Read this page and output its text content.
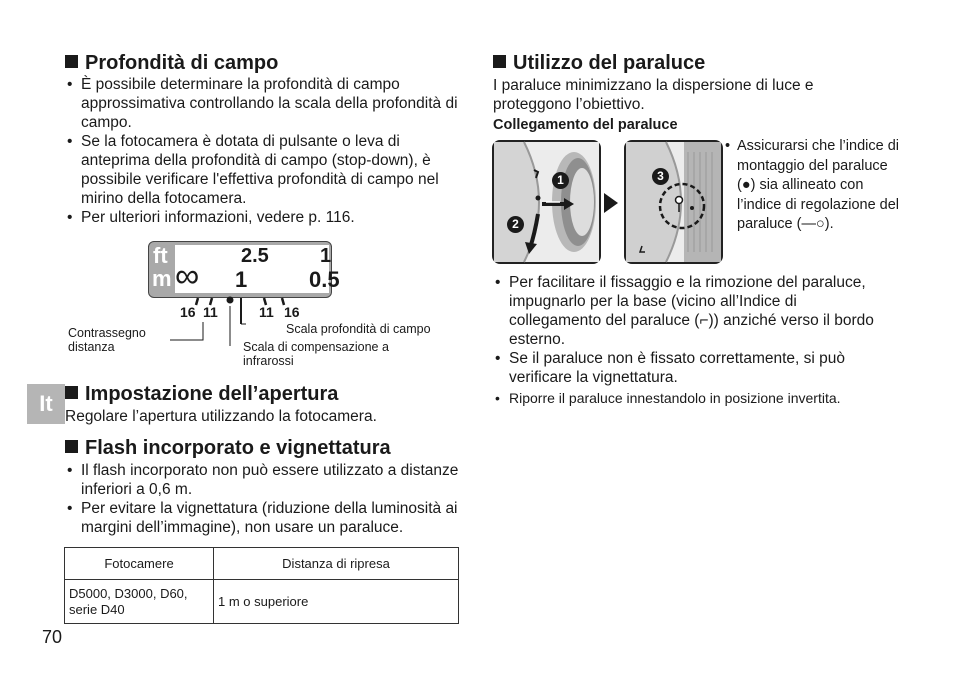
Profondità di campo
• È possibile determinare la profondità di campo approssimativa controllando la scala della profondità di campo.
• Se la fotocamera è dotata di pulsante o leva di anteprima della profondità di campo (stop-down), è possibile verificare l'effettiva profondità di campo nel mirino della fotocamera.
• Per ulteriori informazioni, vedere p. 116.
ft
m
2.5	1
∞ 1	0.5
16 11	11 16
Contrassegno distanza
Scala profondità di campo
Scala di compensazione a infrarossi
Impostazione dell’apertura
Regolare l’apertura utilizzando la fotocamera.
Flash incorporato e vignettatura
• Il flash incorporato non può essere utilizzato a distanze inferiori a 0,6 m.
• Per evitare la vignettatura (riduzione della luminosità ai margini dell’immagine), non usare un paraluce.
Fotocamere	Distanza di ripresa
D5000, D3000, D60, serie D40	1 m o superiore
70
It
Utilizzo del paraluce
I paraluce minimizzano la dispersione di luce e proteggono l’obiettivo.
Collegamento del paraluce
1
2
3
• Assicurarsi che l’indice di montaggio del paraluce (●) sia allineato con l’indice di regolazione del paraluce (—○).
• Per facilitare il fissaggio e la rimozione del paraluce, impugnarlo per la base (vicino all’Indice di collegamento del paraluce (⌐)) anziché verso il bordo esterno.
• Se il paraluce non è fissato correttamente, si può verificare la vignettatura.
• Riporre il paraluce innestandolo in posizione invertita.
